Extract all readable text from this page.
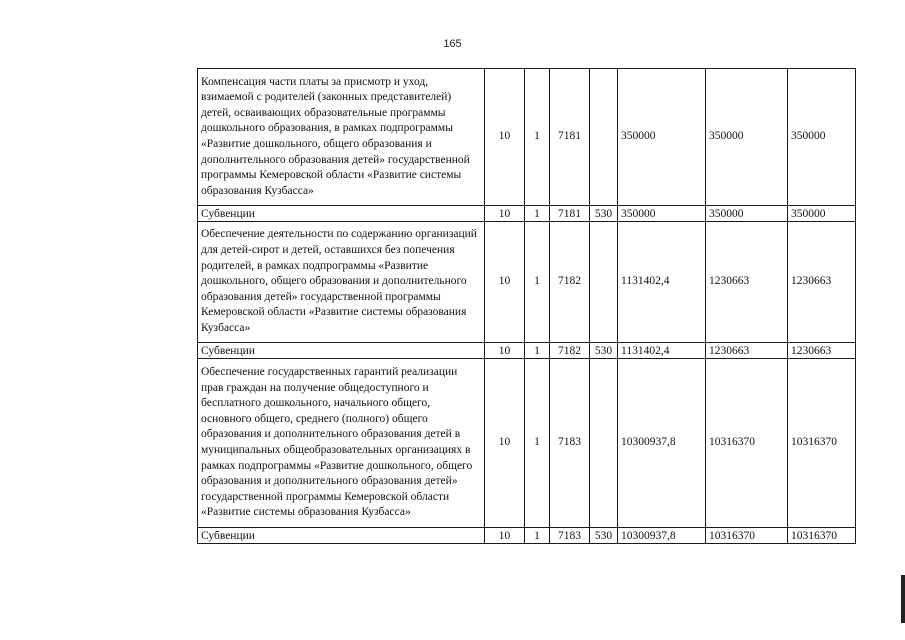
165
Компенсация части платы за присмотр и уход, взимаемой с родителей (законных представителей) детей, осваивающих образовательные программы дошкольного образования, в рамках подпрограммы «Развитие дошкольного, общего образования и дополнительного образования детей» государственной программы Кемеровской области «Развитие системы образования Кузбасса»	10	1	7181		350000	350000	350000
Субвенции	10	1	7181	530	350000	350000	350000
Обеспечение деятельности по содержанию организаций для детей-сирот и детей, оставшихся без попечения родителей, в рамках подпрограммы «Развитие дошкольного, общего образования и дополнительного образования детей» государственной программы Кемеровской области «Развитие системы образования Кузбасса»	10	1	7182		1131402,4	1230663	1230663
Субвенции	10	1	7182	530	1131402,4	1230663	1230663
Обеспечение государственных гарантий реализации прав граждан на получение общедоступного и бесплатного дошкольного, начального общего, основного общего, среднего (полного) общего образования и дополнительного образования детей в муниципальных общеобразовательных организациях в рамках подпрограммы «Развитие дошкольного, общего образования и дополнительного образования детей» государственной программы Кемеровской области «Развитие системы образования Кузбасса»	10	1	7183		10300937,8	10316370	10316370
Субвенции	10	1	7183	530	10300937,8	10316370	10316370
